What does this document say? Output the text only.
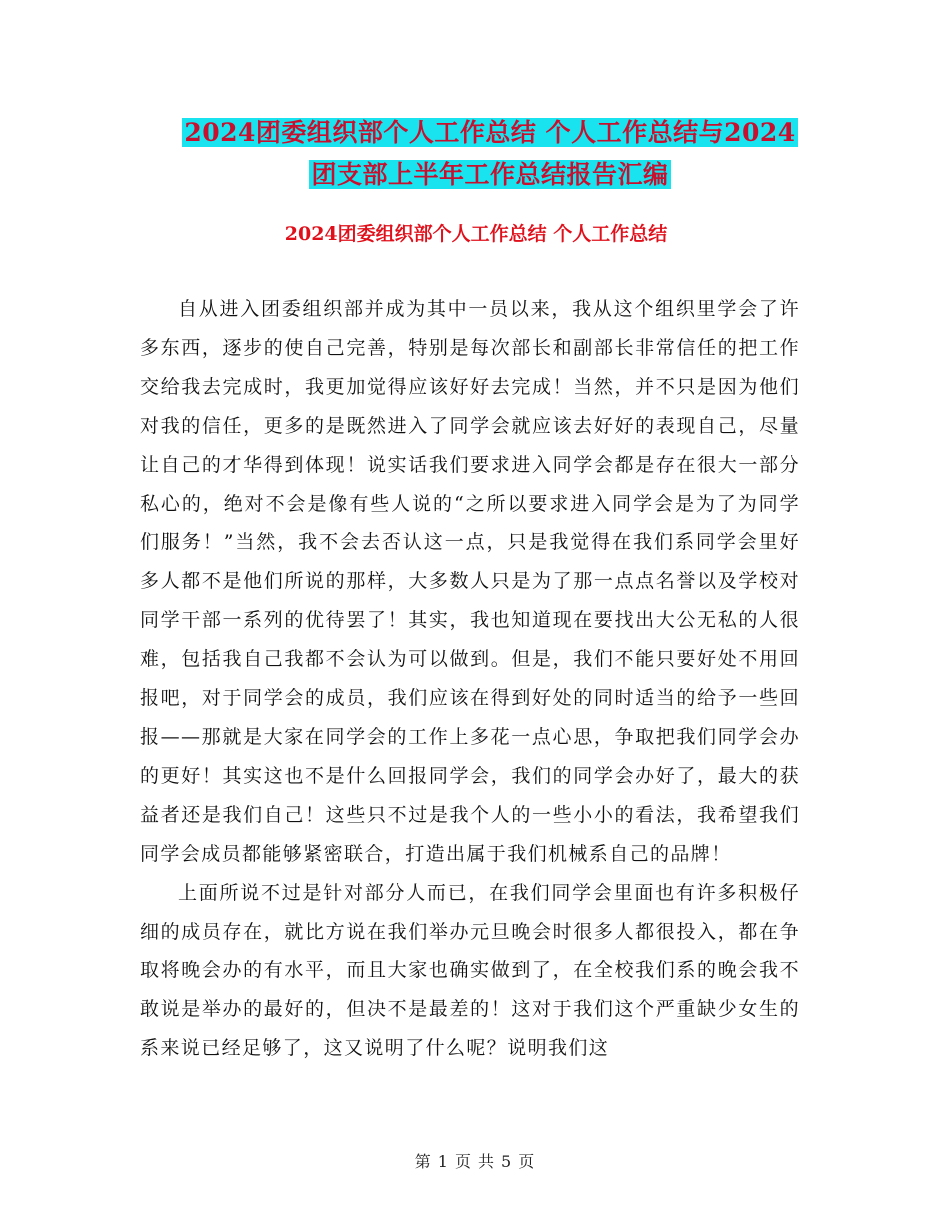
2024团委组织部个人工作总结 个人工作总结与2024
团支部上半年工作总结报告汇编
2024团委组织部个人工作总结 个人工作总结

自从进入团委组织部并成为其中一员以来，我从这个组织里学会了许多东西，逐步的使自己完善，特别是每次部长和副部长非常信任的把工作交给我去完成时，我更加觉得应该好好去完成！当然，并不只是因为他们对我的信任，更多的是既然进入了同学会就应该去好好的表现自己，尽量让自己的才华得到体现！说实话我们要求进入同学会都是存在很大一部分私心的，绝对不会是像有些人说的“之所以要求进入同学会是为了为同学们服务！”当然，我不会去否认这一点，只是我觉得在我们系同学会里好多人都不是他们所说的那样，大多数人只是为了那一点点名誉以及学校对同学干部一系列的优待罢了！其实，我也知道现在要找出大公无私的人很难，包括我自己我都不会认为可以做到。但是，我们不能只要好处不用回报吧，对于同学会的成员，我们应该在得到好处的同时适当的给予一些回报——那就是大家在同学会的工作上多花一点心思，争取把我们同学会办的更好！其实这也不是什么回报同学会，我们的同学会办好了，最大的获益者还是我们自己！这些只不过是我个人的一些小小的看法，我希望我们同学会成员都能够紧密联合，打造出属于我们机械系自己的品牌！

上面所说不过是针对部分人而已，在我们同学会里面也有许多积极仔细的成员存在，就比方说在我们举办元旦晚会时很多人都很投入，都在争取将晚会办的有水平，而且大家也确实做到了，在全校我们系的晚会我不敢说是举办的最好的，但决不是最差的！这对于我们这个严重缺少女生的系来说已经足够了，这又说明了什么呢？说明我们这

第 1 页 共 5 页
